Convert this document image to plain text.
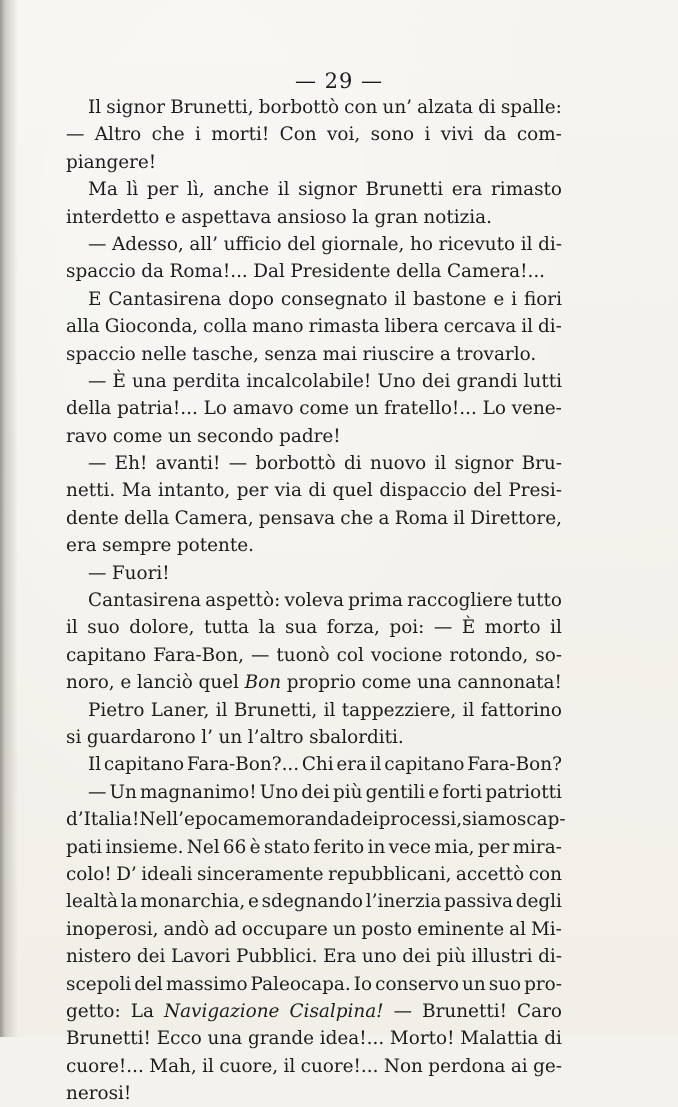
— 29 —
Il signor Brunetti, borbottò con un’ alzata di spalle:
— Altro che i morti! Con voi, sono i vivi da com-
piangere!
Ma lì per lì, anche il signor Brunetti era rimasto
interdetto e aspettava ansioso la gran notizia.
— Adesso, all’ ufficio del giornale, ho ricevuto il di-
spaccio da Roma!... Dal Presidente della Camera!...
E Cantasirena dopo consegnato il bastone e i fiori
alla Gioconda, colla mano rimasta libera cercava il di-
spaccio nelle tasche, senza mai riuscire a trovarlo.
— È una perdita incalcolabile! Uno dei grandi lutti
della patria!... Lo amavo come un fratello!... Lo vene-
ravo come un secondo padre!
— Eh! avanti! — borbottò di nuovo il signor Bru-
netti. Ma intanto, per via di quel dispaccio del Presi-
dente della Camera, pensava che a Roma il Direttore,
era sempre potente.
— Fuori!
Cantasirena aspettò: voleva prima raccogliere tutto
il suo dolore, tutta la sua forza, poi: — È morto il
capitano Fara-Bon, — tuonò col vocione rotondo, so-
noro, e lanciò quel Bon proprio come una cannonata!
Pietro Laner, il Brunetti, il tappezziere, il fattorino
si guardarono l’ un l’altro sbalorditi.
Il capitano Fara-Bon?... Chi era il capitano Fara-Bon?
— Un magnanimo! Uno dei più gentili e forti patriotti
d’Italia! Nell’epoca memoranda dei processi, siamo scap-
pati insieme. Nel 66 è stato ferito in vece mia, per mira-
colo! D’ ideali sinceramente repubblicani, accettò con
lealtà la monarchia, e sdegnando l’inerzia passiva degli
inoperosi, andò ad occupare un posto eminente al Mi-
nistero dei Lavori Pubblici. Era uno dei più illustri di-
scepoli del massimo Paleocapa. Io conservo un suo pro-
getto: La Navigazione Cisalpina! — Brunetti! Caro
Brunetti! Ecco una grande idea!... Morto! Malattia di
cuore!... Mah, il cuore, il cuore!... Non perdona ai ge-
nerosi!
